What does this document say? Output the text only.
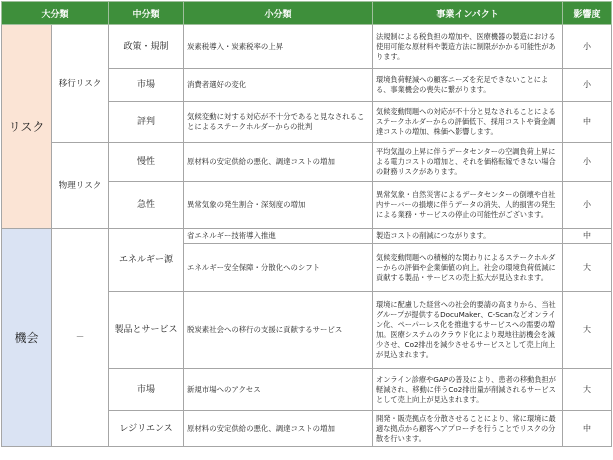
大分類		中分類	小分類	事業インパクト	影響度
リスク	移行リスク	政策・規制	炭素税導入・炭素税率の上昇	法規制による税負担の増加や、医療機器の製造における使用可能な原材料や製造方法に制限がかかる可能性があります。	小
		市場	消費者選好の変化	環境負荷軽減への顧客ニーズを充足できないことによる、事業機会の喪失に繋がります。	小
		評判	気候変動に対する対応が不十分であると見なされることによるステークホルダーからの批判	気候変動問題への対応が不十分と見なされることによるステークホルダーからの評価低下、採用コストや資金調達コストの増加、株価へ影響します。	中
	物理リスク	慢性	原材料の安定供給の悪化、調達コストの増加	平均気温の上昇に伴うデータセンターの空調負荷上昇による電力コストの増加と、それを価格転嫁できない場合の財務リスクがあります。	小
		急性	異常気象の発生割合・深刻度の増加	異常気象・自然災害によるデータセンターの倒壊や自社内サーバーの損壊に伴うデータの消失、人的損害の発生による業務・サービスの停止の可能性がございます。	小
機会	－	エネルギー源	省エネルギー技術導入推進	製造コストの削減につながります。	中
			エネルギー安全保障・分散化へのシフト	気候変動問題への積極的な関わりによるステークホルダーからの評価や企業価値の向上。社会の環境負荷低減に貢献する製品・サービスの売上拡大が見込まれます。	大
		製品とサービス	脱炭素社会への移行の支援に貢献するサービス	環境に配慮した経営への社会的要請の高まりから、当社グループが提供するDocuMaker、C-Scanなどオンライン化、ペーパーレス化を推進するサービスへの需要の増加。医療システムのクラウド化により現地往訪機会を減少させ、Co2排出を減少させるサービスとして売上向上が見込まれます。	大
		市場	新規市場へのアクセス	オンライン診療やGAPの普及により、患者の移動負担が軽減され、移動に伴うCo2排出量が削減されるサービスとして売上向上が見込まれます。	大
		レジリエンス	原材料の安定供給の悪化、調達コストの増加	開発・販売拠点を分散させることにより、常に環境に最適な拠点から顧客へアプローチを行うことでリスクの分散を行います。	中
